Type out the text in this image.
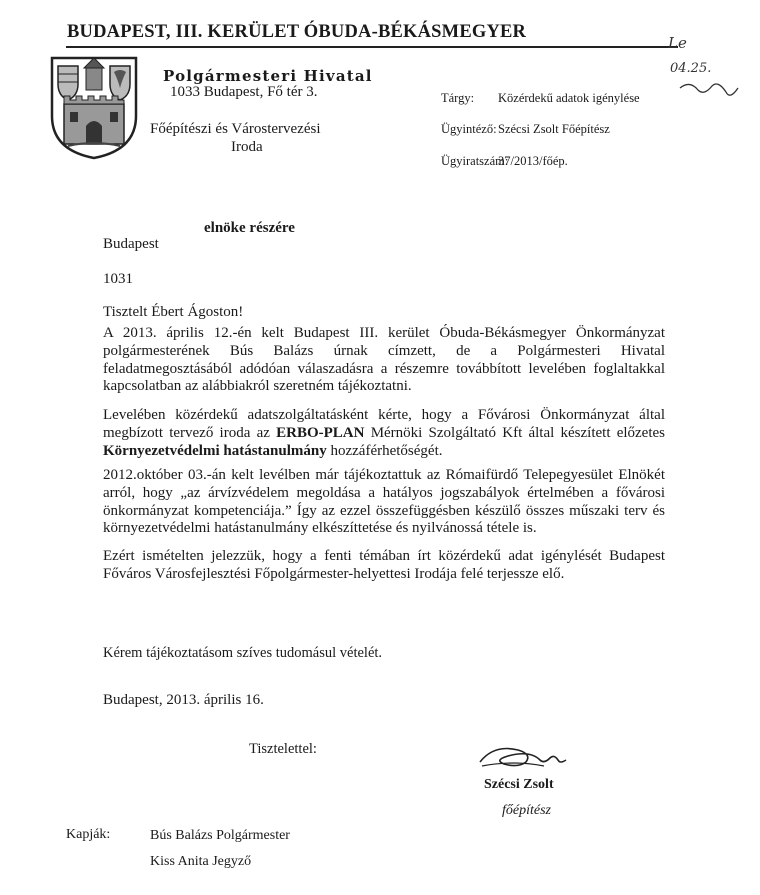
BUDAPEST, III. KERÜLET ÓBUDA-BÉKÁSMEGYER
Polgármesteri Hivatal
1033 Budapest, Fő tér 3.
Főépítészi és Várostervezési
Iroda
Tárgy: Közérdekű adatok igénylése
Ügyintéző: Szécsi Zsolt Főépítész
Ügyiratszám:
37/2013/főép.
Le
04.25.
elnöke részére
Budapest
1031
Tisztelt Ébert Ágoston!
A 2013. április 12.-én kelt Budapest III. kerület Óbuda-Békásmegyer Önkormányzat polgármesterének Bús Balázs úrnak címzett, de a Polgármesteri Hivatal feladatmegosztásából adódóan válaszadásra a részemre továbbított levelében foglaltakkal kapcsolatban az alábbiakról szeretném tájékoztatni.
Levelében közérdekű adatszolgáltatásként kérte, hogy a Fővárosi Önkormányzat által megbízott tervező iroda az ERBO-PLAN Mérnöki Szolgáltató Kft által készített előzetes Környezetvédelmi hatástanulmány hozzáférhetőségét.
2012.október 03.-án kelt levélben már tájékoztattuk az Rómaifürdő Telepegyesület Elnökét arról, hogy „az árvízvédelem megoldása a hatályos jogszabályok értelmében a fővárosi önkormányzat kompetenciája.” Így az ezzel összefüggésben készülő összes műszaki terv és környezetvédelmi hatástanulmány elkészíttetése és nyilvánossá tétele is.
Ezért ismételten jelezzük, hogy a fenti témában írt közérdekű adat igénylését Budapest Főváros Városfejlesztési Főpolgármester-helyettesi Irodája felé terjessze elő.
Kérem tájékoztatásom szíves tudomásul vételét.
Budapest, 2013. április 16.
Tisztelettel:
Szécsi Zsolt
főépítész
Kapják:	Bús Balázs Polgármester
Kiss Anita Jegyző
